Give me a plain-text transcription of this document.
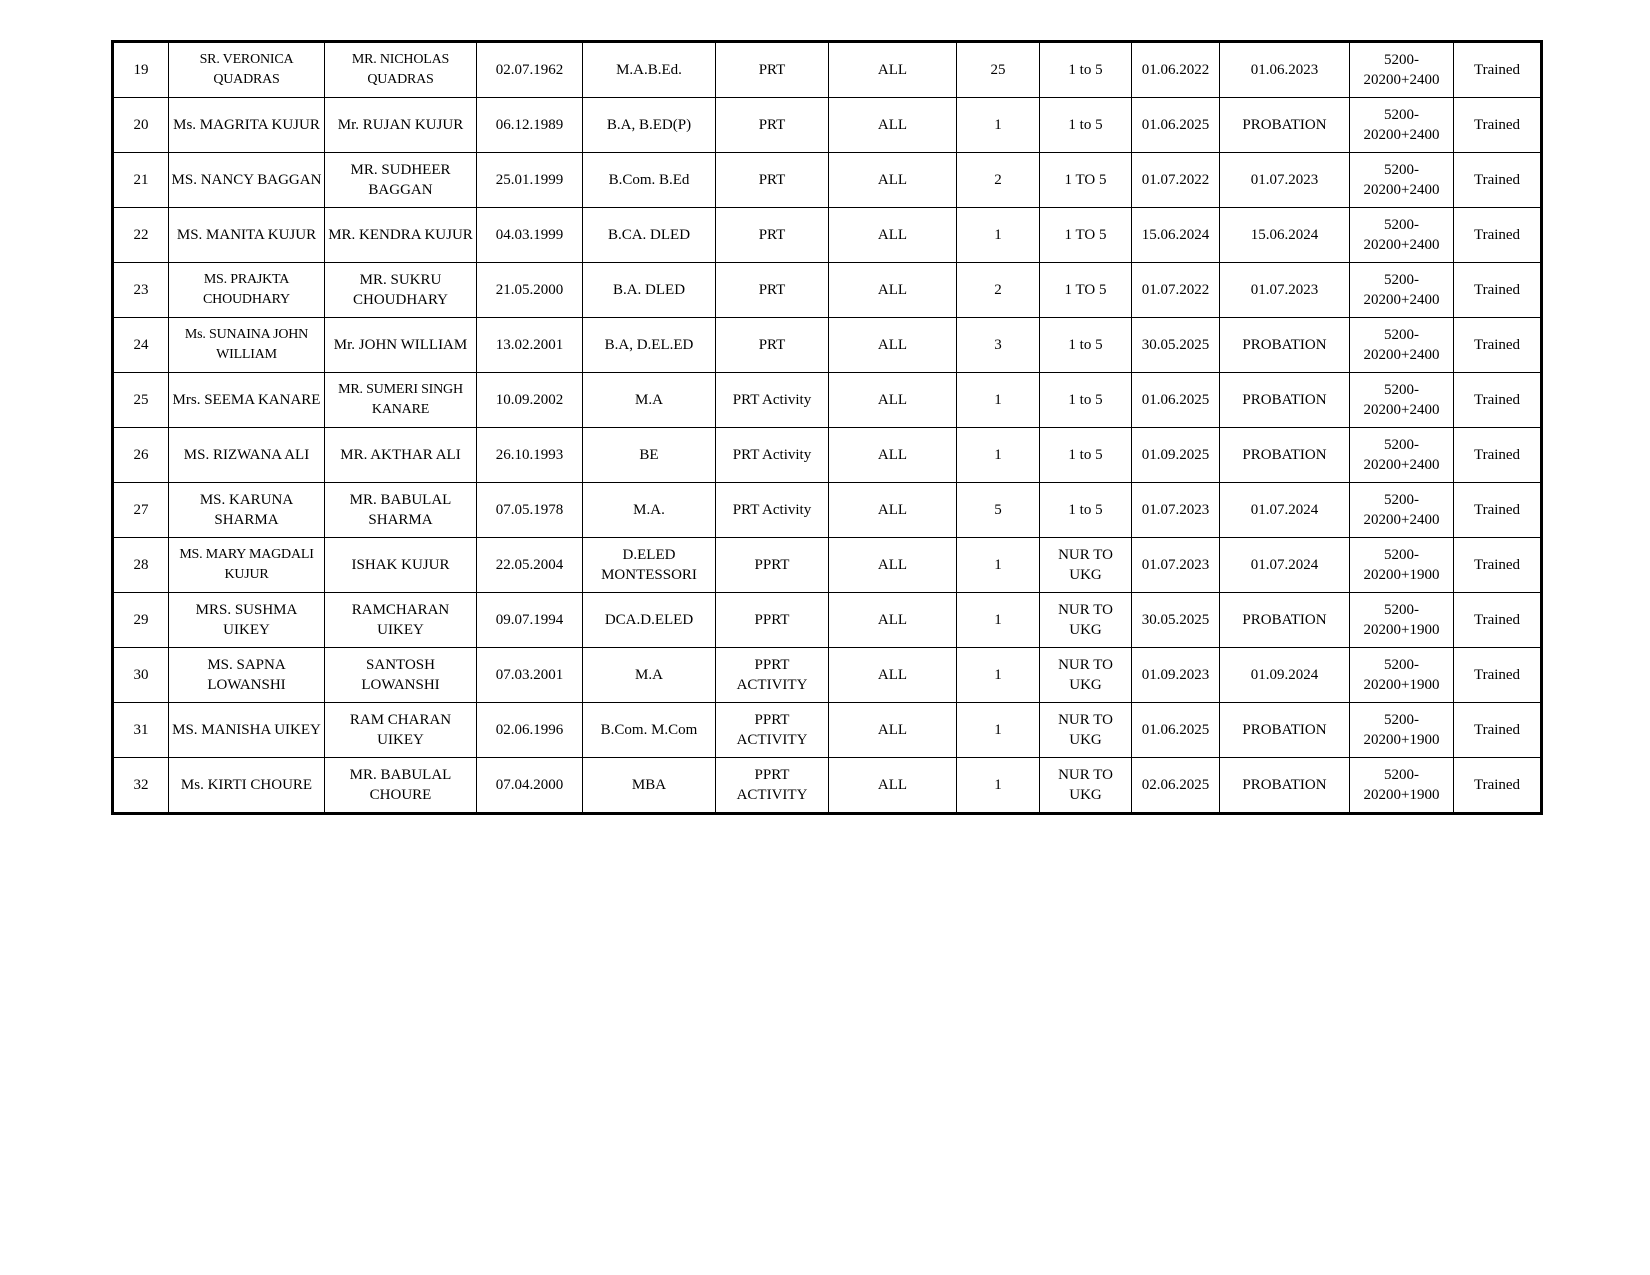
19	SR. VERONICA QUADRAS	MR. NICHOLAS QUADRAS	02.07.1962	M.A.B.Ed.	PRT	ALL	25	1 to 5	01.06.2022	01.06.2023	5200-20200+2400	Trained
20	Ms. MAGRITA KUJUR	Mr. RUJAN KUJUR	06.12.1989	B.A, B.ED(P)	PRT	ALL	1	1 to 5	01.06.2025	PROBATION	5200-20200+2400	Trained
21	MS. NANCY BAGGAN	MR. SUDHEER BAGGAN	25.01.1999	B.Com. B.Ed	PRT	ALL	2	1 TO 5	01.07.2022	01.07.2023	5200-20200+2400	Trained
22	MS. MANITA KUJUR	MR. KENDRA KUJUR	04.03.1999	B.CA. DLED	PRT	ALL	1	1 TO 5	15.06.2024	15.06.2024	5200-20200+2400	Trained
23	MS. PRAJKTA CHOUDHARY	MR. SUKRU CHOUDHARY	21.05.2000	B.A. DLED	PRT	ALL	2	1 TO 5	01.07.2022	01.07.2023	5200-20200+2400	Trained
24	Ms. SUNAINA JOHN WILLIAM	Mr. JOHN WILLIAM	13.02.2001	B.A, D.EL.ED	PRT	ALL	3	1 to 5	30.05.2025	PROBATION	5200-20200+2400	Trained
25	Mrs. SEEMA KANARE	MR. SUMERI SINGH KANARE	10.09.2002	M.A	PRT Activity	ALL	1	1 to 5	01.06.2025	PROBATION	5200-20200+2400	Trained
26	MS. RIZWANA ALI	MR. AKTHAR ALI	26.10.1993	BE	PRT Activity	ALL	1	1 to 5	01.09.2025	PROBATION	5200-20200+2400	Trained
27	MS. KARUNA SHARMA	MR. BABULAL SHARMA	07.05.1978	M.A.	PRT Activity	ALL	5	1 to 5	01.07.2023	01.07.2024	5200-20200+2400	Trained
28	MS. MARY MAGDALI KUJUR	ISHAK KUJUR	22.05.2004	D.ELED MONTESSORI	PPRT	ALL	1	NUR TO UKG	01.07.2023	01.07.2024	5200-20200+1900	Trained
29	MRS. SUSHMA UIKEY	RAMCHARAN UIKEY	09.07.1994	DCA.D.ELED	PPRT	ALL	1	NUR TO UKG	30.05.2025	PROBATION	5200-20200+1900	Trained
30	MS. SAPNA LOWANSHI	SANTOSH LOWANSHI	07.03.2001	M.A	PPRT ACTIVITY	ALL	1	NUR TO UKG	01.09.2023	01.09.2024	5200-20200+1900	Trained
31	MS. MANISHA UIKEY	RAM CHARAN UIKEY	02.06.1996	B.Com. M.Com	PPRT ACTIVITY	ALL	1	NUR TO UKG	01.06.2025	PROBATION	5200-20200+1900	Trained
32	Ms. KIRTI CHOURE	MR. BABULAL CHOURE	07.04.2000	MBA	PPRT ACTIVITY	ALL	1	NUR TO UKG	02.06.2025	PROBATION	5200-20200+1900	Trained
